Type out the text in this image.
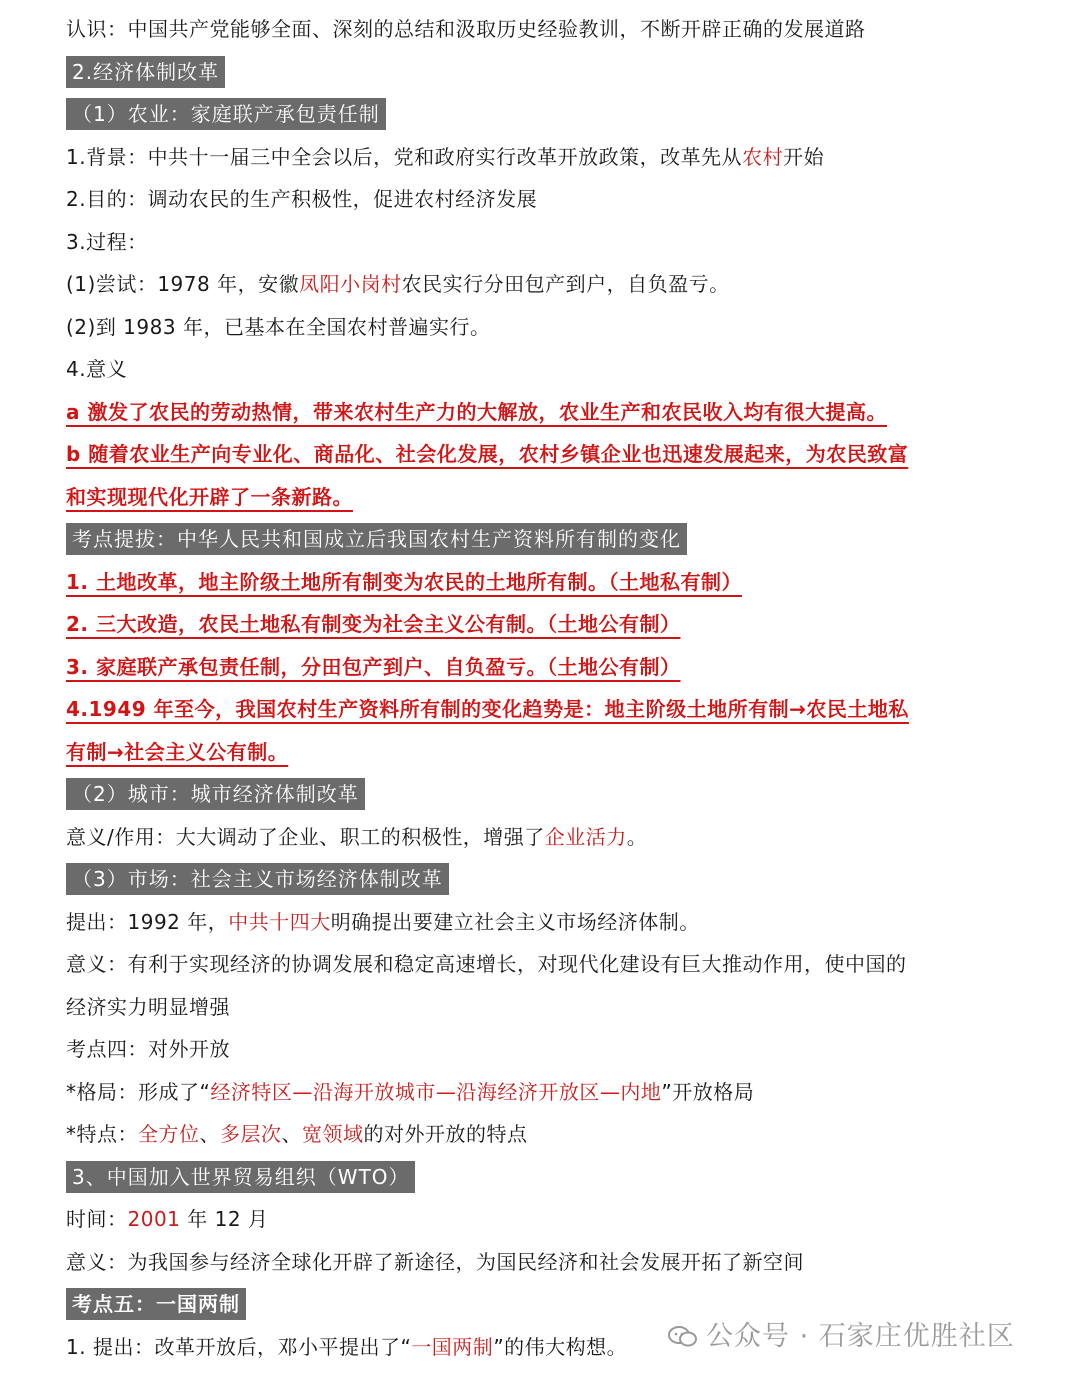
认识：中国共产党能够全面、深刻的总结和汲取历史经验教训，不断开辟正确的发展道路
2.经济体制改革
（1）农业：家庭联产承包责任制
1.背景：中共十一届三中全会以后，党和政府实行改革开放政策，改革先从农村开始
2.目的：调动农民的生产积极性，促进农村经济发展
3.过程：
(1)尝试：1978 年，安徽凤阳小岗村农民实行分田包产到户，自负盈亏。
(2)到 1983 年，已基本在全国农村普遍实行。
4.意义
a 激发了农民的劳动热情，带来农村生产力的大解放，农业生产和农民收入均有很大提高。
b 随着农业生产向专业化、商品化、社会化发展，农村乡镇企业也迅速发展起来，为农民致富
和实现现代化开辟了一条新路。
考点提拔：中华人民共和国成立后我国农村生产资料所有制的变化
1. 土地改革，地主阶级土地所有制变为农民的土地所有制。（土地私有制）
2. 三大改造，农民土地私有制变为社会主义公有制。（土地公有制）
3. 家庭联产承包责任制，分田包产到户、自负盈亏。（土地公有制）
4.1949 年至今，我国农村生产资料所有制的变化趋势是：地主阶级土地所有制→农民土地私
有制→社会主义公有制。
（2）城市：城市经济体制改革
意义/作用：大大调动了企业、职工的积极性，增强了企业活力。
（3）市场：社会主义市场经济体制改革
提出：1992 年，中共十四大明确提出要建立社会主义市场经济体制。
意义：有利于实现经济的协调发展和稳定高速增长，对现代化建设有巨大推动作用，使中国的
经济实力明显增强
考点四：对外开放
*格局：形成了“经济特区—沿海开放城市—沿海经济开放区—内地”开放格局
*特点：全方位、多层次、宽领域的对外开放的特点
3、中国加入世界贸易组织（WTO）
时间：2001 年 12 月
意义：为我国参与经济全球化开辟了新途径，为国民经济和社会发展开拓了新空间
考点五：一国两制
1. 提出：改革开放后，邓小平提出了“一国两制”的伟大构想。	公众号 · 石家庄优胜社区
